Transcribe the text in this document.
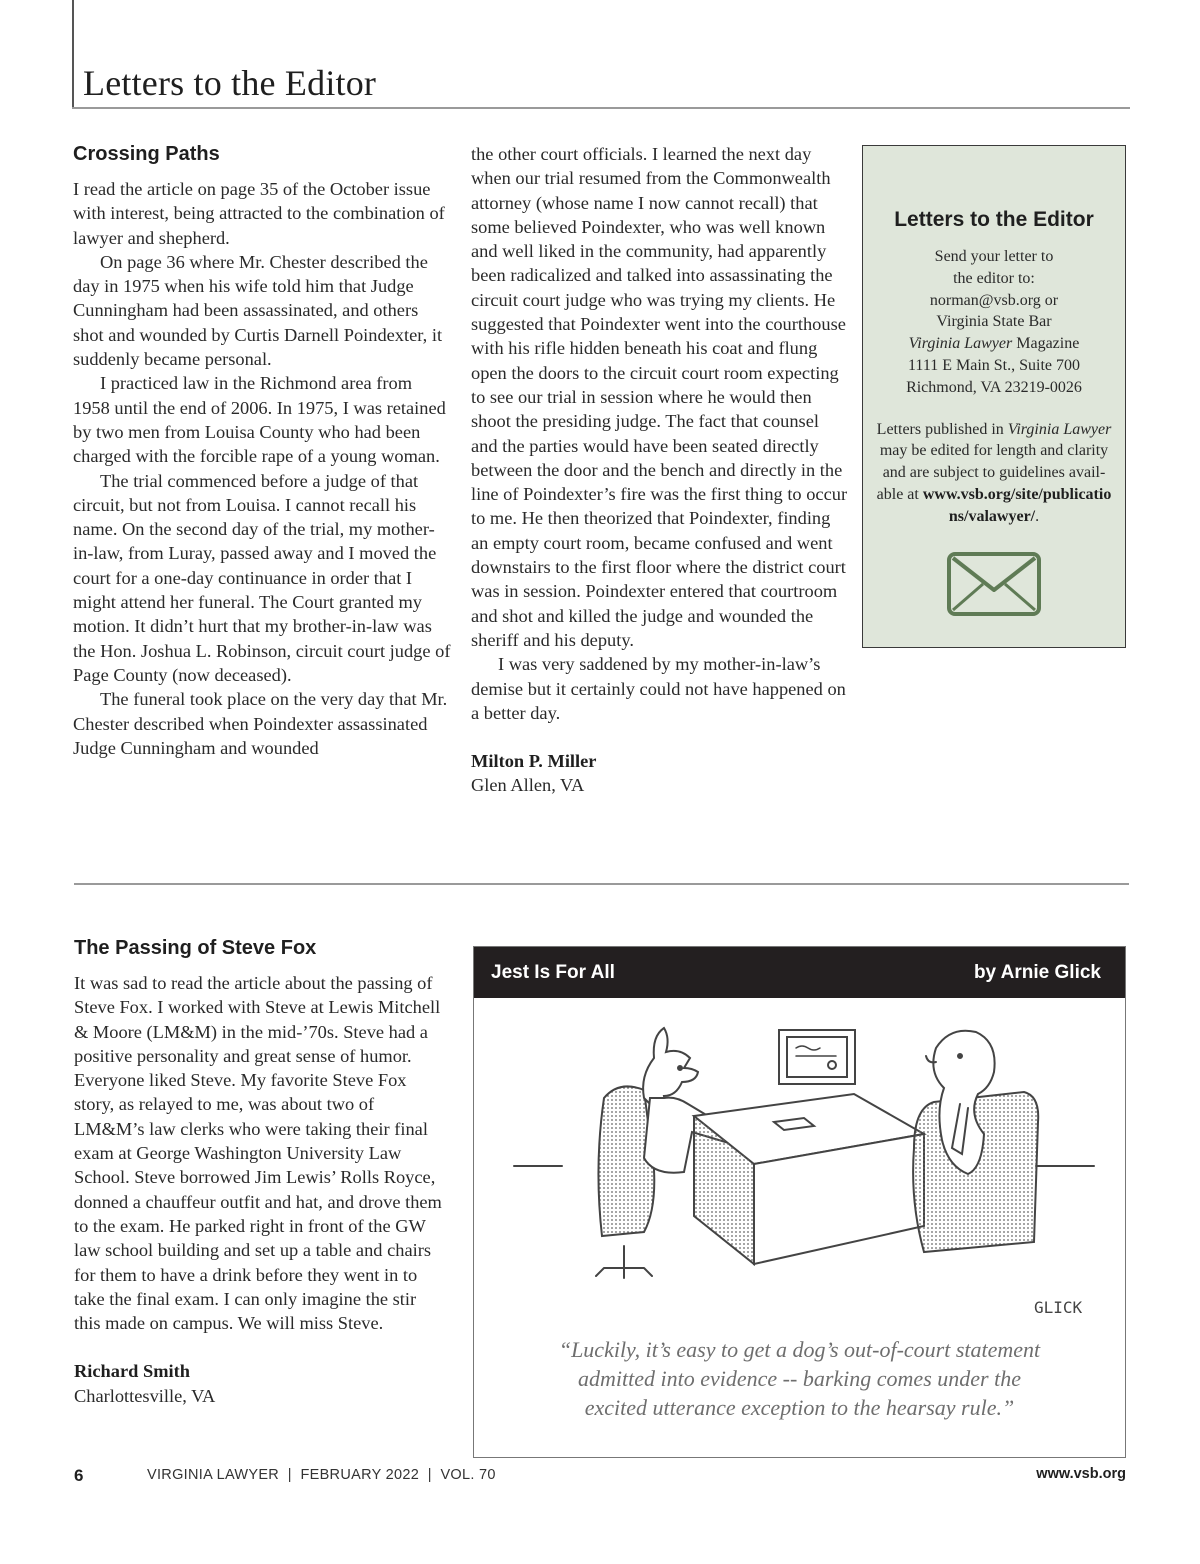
Letters to the Editor
Crossing Paths

I read the article on page 35 of the October issue with interest, being attracted to the combination of lawyer and shepherd.

On page 36 where Mr. Chester described the day in 1975 when his wife told him that Judge Cunningham had been assassinated, and others shot and wounded by Curtis Darnell Poindexter, it suddenly became personal.

I practiced law in the Richmond area from 1958 until the end of 2006. In 1975, I was retained by two men from Louisa County who had been charged with the forcible rape of a young woman.

The trial commenced before a judge of that circuit, but not from Louisa. I cannot recall his name. On the second day of the trial, my mother-in-law, from Luray, passed away and I moved the court for a one-day continuance in order that I might attend her funeral. The Court granted my motion. It didn’t hurt that my brother-in-law was the Hon. Joshua L. Robinson, circuit court judge of Page County (now deceased).

The funeral took place on the very day that Mr. Chester described when Poindexter assassinated Judge Cunningham and wounded

the other court officials. I learned the next day when our trial resumed from the Commonwealth attorney (whose name I now cannot recall) that some believed Poindexter, who was well known and well liked in the community, had apparently been radicalized and talked into assassinating the circuit court judge who was trying my clients. He suggested that Poindexter went into the courthouse with his rifle hidden beneath his coat and flung open the doors to the circuit court room expecting to see our trial in session where he would then shoot the presiding judge. The fact that counsel and the parties would have been seated directly between the door and the bench and directly in the line of Poindexter’s fire was the first thing to occur to me. He then theorized that Poindexter, finding an empty court room, became confused and went downstairs to the first floor where the district court was in session. Poindexter entered that courtroom and shot and killed the judge and wounded the sheriff and his deputy.

I was very saddened by my mother-in-law’s demise but it certainly could not have happened on a better day.

Milton P. Miller

Glen Allen, VA

Letters to the Editor
Send your letter to
the editor to:
norman@vsb.org or
Virginia State Bar
Virginia Lawyer Magazine
1111 E Main St., Suite 700
Richmond, VA 23219-0026
Letters published in Virginia Lawyer may be edited for length and clarity and are subject to guidelines avail-able at www.vsb.org/site/publications/valawyer/.
The Passing of Steve Fox

It was sad to read the article about the passing of Steve Fox. I worked with Steve at Lewis Mitchell & Moore (LM&M) in the mid-’70s. Steve had a positive personality and great sense of humor. Everyone liked Steve. My favorite Steve Fox story, as relayed to me, was about two of LM&M’s law clerks who were taking their final exam at George Washington University Law School. Steve borrowed Jim Lewis’ Rolls Royce, donned a chauffeur outfit and hat, and drove them to the exam. He parked right in front of the GW law school building and set up a table and chairs for them to have a drink before they went in to take the final exam. I can only imagine the stir this made on campus. We will miss Steve.

Richard Smith

Charlottesville, VA

Jest Is For All	by Arnie Glick
GLICK
“Luckily, it’s easy to get a dog’s out-of-court statement
admitted into evidence -- barking comes under the
excited utterance exception to the hearsay rule.”
6	VIRGINIA LAWYER  |  FEBRUARY 2022  |  VOL. 70	www.vsb.org
